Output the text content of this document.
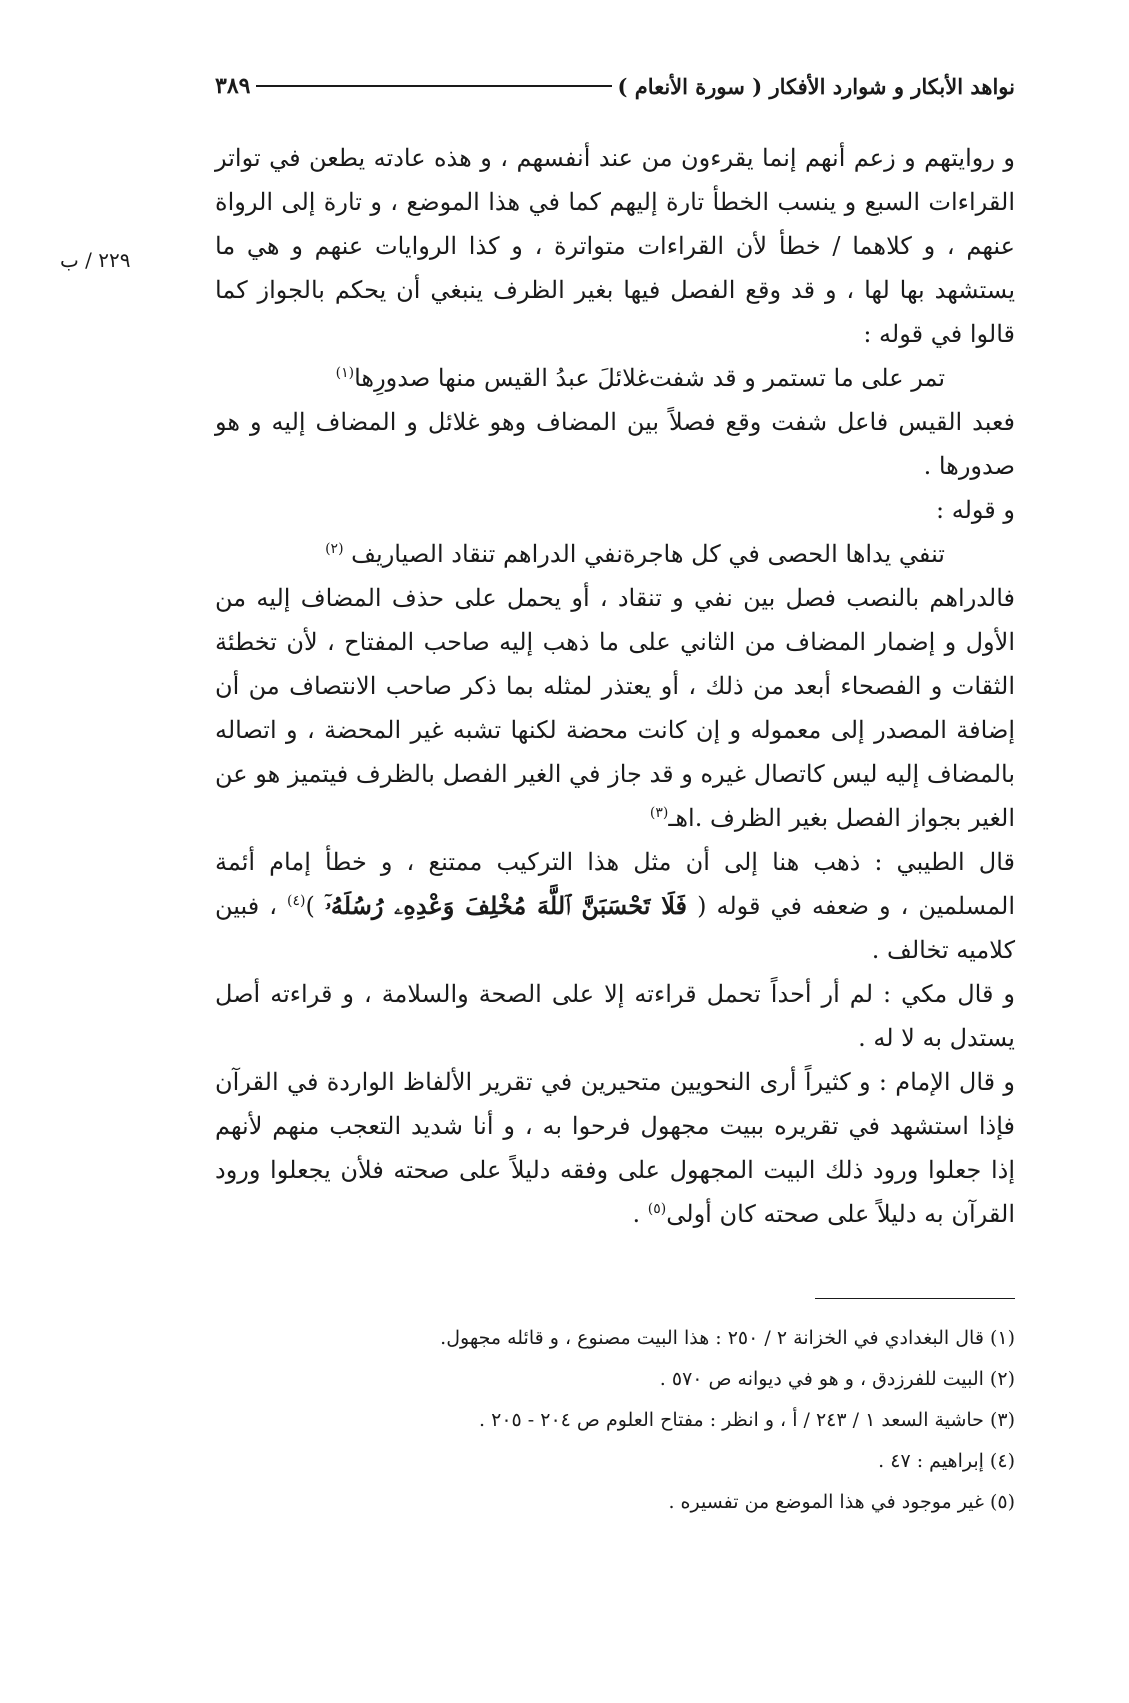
نواهد الأبكار و شوارد الأفكار ( سورة الأنعام )
٣٨٩
٢٢٩ / ب

و روايتهم و زعم أنهم إنما يقرءون من عند أنفسهم ، و هذه عادته يطعن في تواتر القراءات السبع و ينسب الخطأ تارة إليهم كما في هذا الموضع ، و تارة إلى الرواة عنهم ، و كلاهما / خطأ لأن القراءات متواترة ، و كذا الروايات عنهم و هي ما يستشهد بها لها ، و قد وقع الفصل فيها بغير الظرف ينبغي أن يحكم بالجواز كما قالوا في قوله :

تمر على ما تستمر و قد شفت
غلائلَ عبدُ القيس منها صدورِها$^{(١)}$

فعبد القيس فاعل شفت وقع فصلاً بين المضاف وهو غلائل و المضاف إليه و هو صدورها .

و قوله :

تنفي يداها الحصى في كل هاجرة
نفي الدراهم تنقاد الصياريف $^{(٢)}$

فالدراهم بالنصب فصل بين نفي و تنقاد ، أو يحمل على حذف المضاف إليه من الأول و إضمار المضاف من الثاني على ما ذهب إليه صاحب المفتاح ، لأن تخطئة الثقات و الفصحاء أبعد من ذلك ، أو يعتذر لمثله بما ذكر صاحب الانتصاف من أن إضافة المصدر إلى معموله و إن كانت محضة لكنها تشبه غير المحضة ، و اتصاله بالمضاف إليه ليس كاتصال غيره و قد جاز في الغير الفصل بالظرف فيتميز هو عن الغير بجواز الفصل بغير الظرف .اهـ$^{(٣)}$

قال الطيبي : ذهب هنا إلى أن مثل هذا التركيب ممتنع ، و خطأ إمام أئمة المسلمين ، و ضعفه في قوله ( فَلَا تَحْسَبَنَّ ٱللَّهَ مُخْلِفَ وَعْدِهِۦ رُسُلَهُۥٓ )$^{(٤)}$ ، فبين كلاميه تخالف .

و قال مكي : لم أر أحداً تحمل قراءته إلا على الصحة والسلامة ، و قراءته أصل يستدل به لا له .

و قال الإمام : و كثيراً أرى النحويين متحيرين في تقرير الألفاظ الواردة في القرآن فإذا استشهد في تقريره ببيت مجهول فرحوا به ، و أنا شديد التعجب منهم لأنهم إذا جعلوا ورود ذلك البيت المجهول على وفقه دليلاً على صحته فلأن يجعلوا ورود القرآن به دليلاً على صحته كان أولى$^{(٥)}$ .

(١) قال البغدادي في الخزانة ٢ / ٢٥٠ : هذا البيت مصنوع ، و قائله مجهول.

(٢) البيت للفرزدق ، و هو في ديوانه ص ٥٧٠ .

(٣) حاشية السعد ١ / ٢٤٣ / أ ، و انظر : مفتاح العلوم ص ٢٠٤ - ٢٠٥ .

(٤) إبراهيم : ٤٧ .

(٥) غير موجود في هذا الموضع من تفسيره .
